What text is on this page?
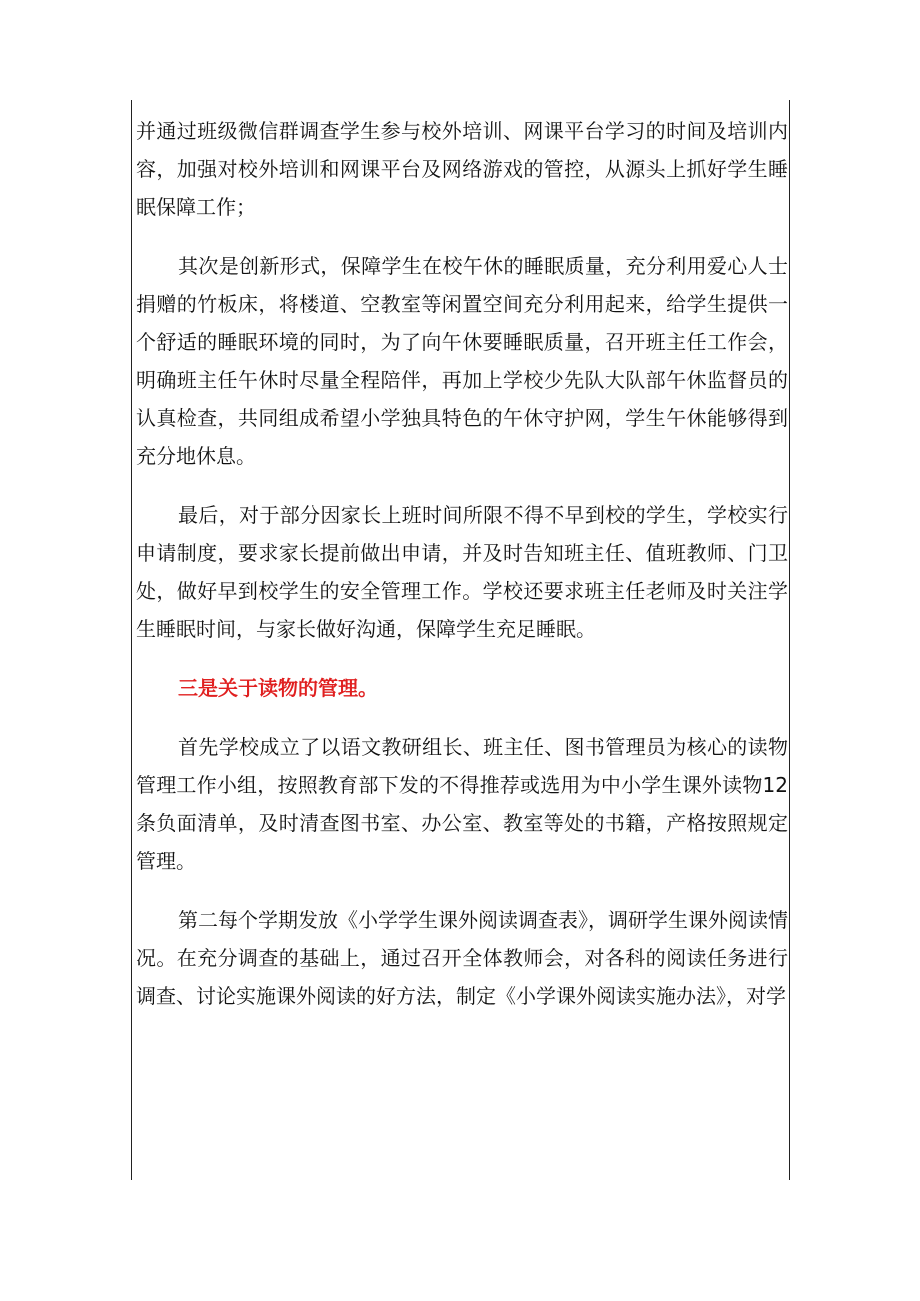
并通过班级微信群调查学生参与校外培训、网课平台学习的时间及培训内容，加强对校外培训和网课平台及网络游戏的管控，从源头上抓好学生睡眠保障工作；

其次是创新形式，保障学生在校午休的睡眠质量，充分利用爱心人士捐赠的竹板床，将楼道、空教室等闲置空间充分利用起来，给学生提供一个舒适的睡眠环境的同时，为了向午休要睡眠质量，召开班主任工作会，明确班主任午休时尽量全程陪伴，再加上学校少先队大队部午休监督员的认真检查，共同组成希望小学独具特色的午休守护网，学生午休能够得到充分地休息。

最后，对于部分因家长上班时间所限不得不早到校的学生，学校实行申请制度，要求家长提前做出申请，并及时告知班主任、值班教师、门卫处，做好早到校学生的安全管理工作。学校还要求班主任老师及时关注学生睡眠时间，与家长做好沟通，保障学生充足睡眠。

三是关于读物的管理。

首先学校成立了以语文教研组长、班主任、图书管理员为核心的读物管理工作小组，按照教育部下发的不得推荐或选用为中小学生课外读物12条负面清单，及时清查图书室、办公室、教室等处的书籍，产格按照规定管理。

第二每个学期发放《小学学生课外阅读调查表》，调研学生课外阅读情况。在充分调查的基础上，通过召开全体教师会，对各科的阅读任务进行调查、讨论实施课外阅读的好方法，制定《小学课外阅读实施办法》，对学
